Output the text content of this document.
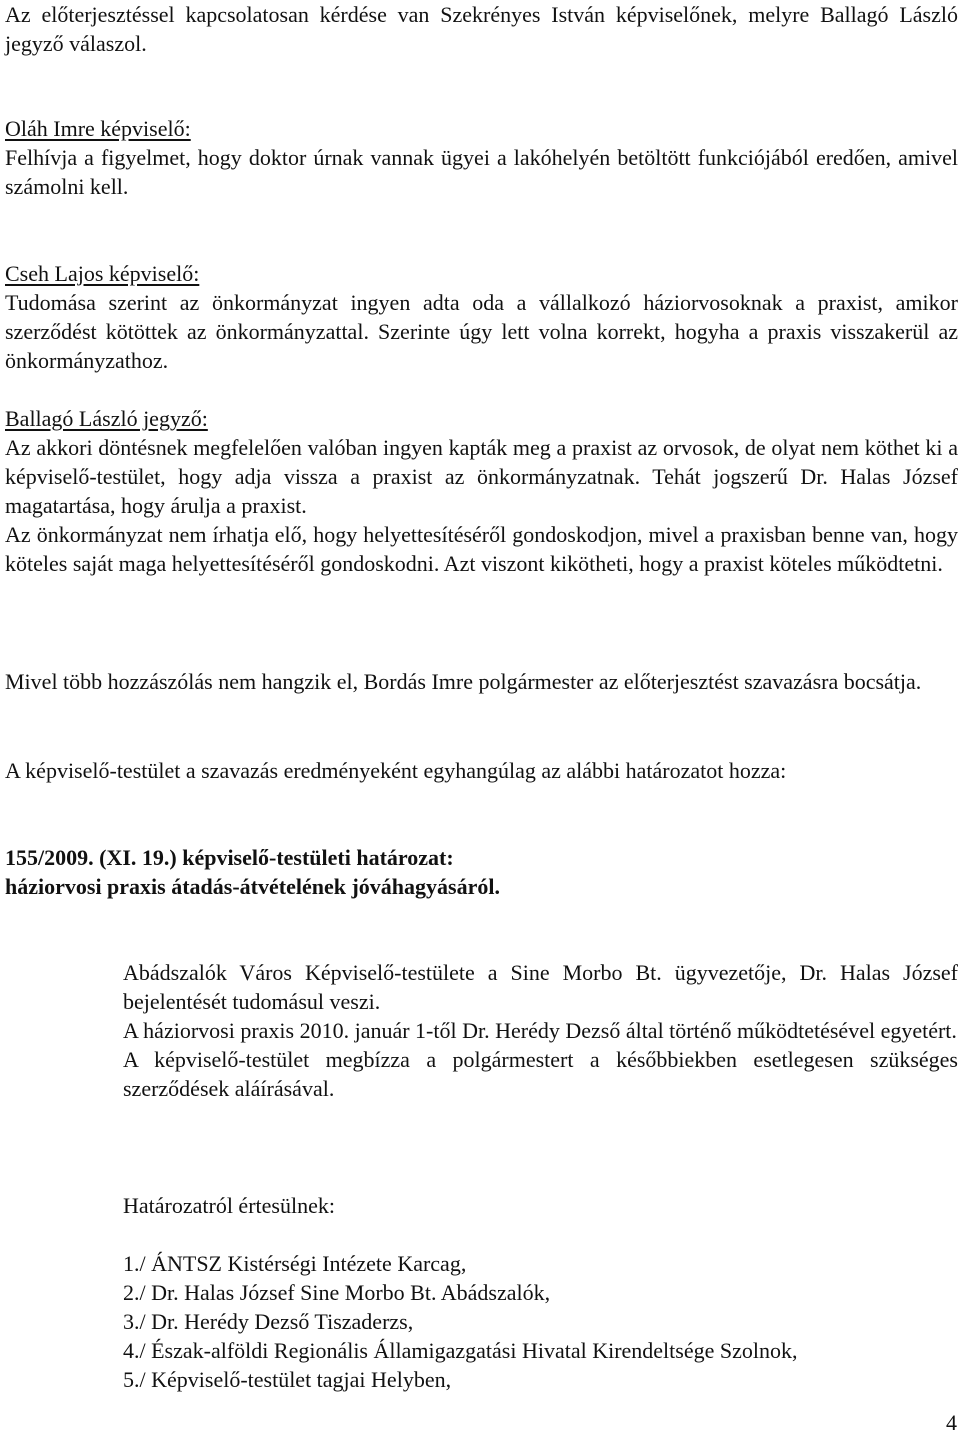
Az előterjesztéssel kapcsolatosan kérdése van Szekrényes István képviselőnek, melyre Ballagó László jegyző válaszol.

Oláh Imre képviselő:

Felhívja a figyelmet, hogy doktor úrnak vannak ügyei a lakóhelyén betöltött funkciójából eredően, amivel számolni kell.

Cseh Lajos képviselő:

Tudomása szerint az önkormányzat ingyen adta oda a vállalkozó háziorvosoknak a praxist, amikor szerződést kötöttek az önkormányzattal. Szerinte úgy lett volna korrekt, hogyha a praxis visszakerül az önkormányzathoz.

Ballagó László jegyző:

Az akkori döntésnek megfelelően valóban ingyen kapták meg a praxist az orvosok, de olyat nem köthet ki a képviselő-testület, hogy adja vissza a praxist az önkormányzatnak. Tehát jogszerű Dr. Halas József magatartása, hogy árulja a praxist.

Az önkormányzat nem írhatja elő, hogy helyettesítéséről gondoskodjon, mivel a praxisban benne van, hogy köteles saját maga helyettesítéséről gondoskodni. Azt viszont kikötheti, hogy a praxist köteles működtetni.

Mivel több hozzászólás nem hangzik el, Bordás Imre polgármester az előterjesztést szavazásra bocsátja.

A képviselő-testület a szavazás eredményeként egyhangúlag az alábbi határozatot hozza:

155/2009. (XI. 19.) képviselő-testületi határozat:
háziorvosi praxis átadás-átvételének jóváhagyásáról.

Abádszalók Város Képviselő-testülete a Sine Morbo Bt. ügyvezetője, Dr. Halas József bejelentését tudomásul veszi.

A háziorvosi praxis 2010. január 1-től Dr. Herédy Dezső által történő működtetésével egyetért.

A képviselő-testület megbízza a polgármestert a későbbiekben esetlegesen szükséges szerződések aláírásával.

Határozatról értesülnek:

1./ ÁNTSZ Kistérségi Intézete Karcag,

2./ Dr. Halas József Sine Morbo Bt. Abádszalók,

3./ Dr. Herédy Dezső Tiszaderzs,

4./ Észak-alföldi Regionális Államigazgatási Hivatal Kirendeltsége Szolnok,

5./ Képviselő-testület tagjai Helyben,

4
